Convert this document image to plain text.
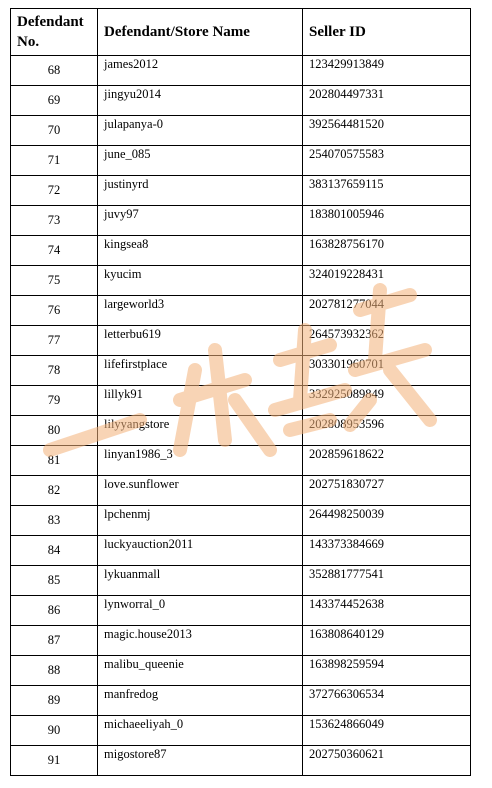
Defendant No.	Defendant/Store Name	Seller ID
68	james2012	123429913849
69	jingyu2014	202804497331
70	julapanya-0	392564481520
71	june_085	254070575583
72	justinyrd	383137659115
73	juvy97	183801005946
74	kingsea8	163828756170
75	kyucim	324019228431
76	largeworld3	202781277044
77	letterbu619	264573932362
78	lifefirstplace	303301960701
79	lillyk91	332925089849
80	lilyyangstore	202808953596
81	linyan1986_3	202859618622
82	love.sunflower	202751830727
83	lpchenmj	264498250039
84	luckyauction2011	143373384669
85	lykuanmall	352881777541
86	lynworral_0	143374452638
87	magic.house2013	163808640129
88	malibu_queenie	163898259594
89	manfredog	372766306534
90	michaeeliyah_0	153624866049
91	migostore87	202750360621
